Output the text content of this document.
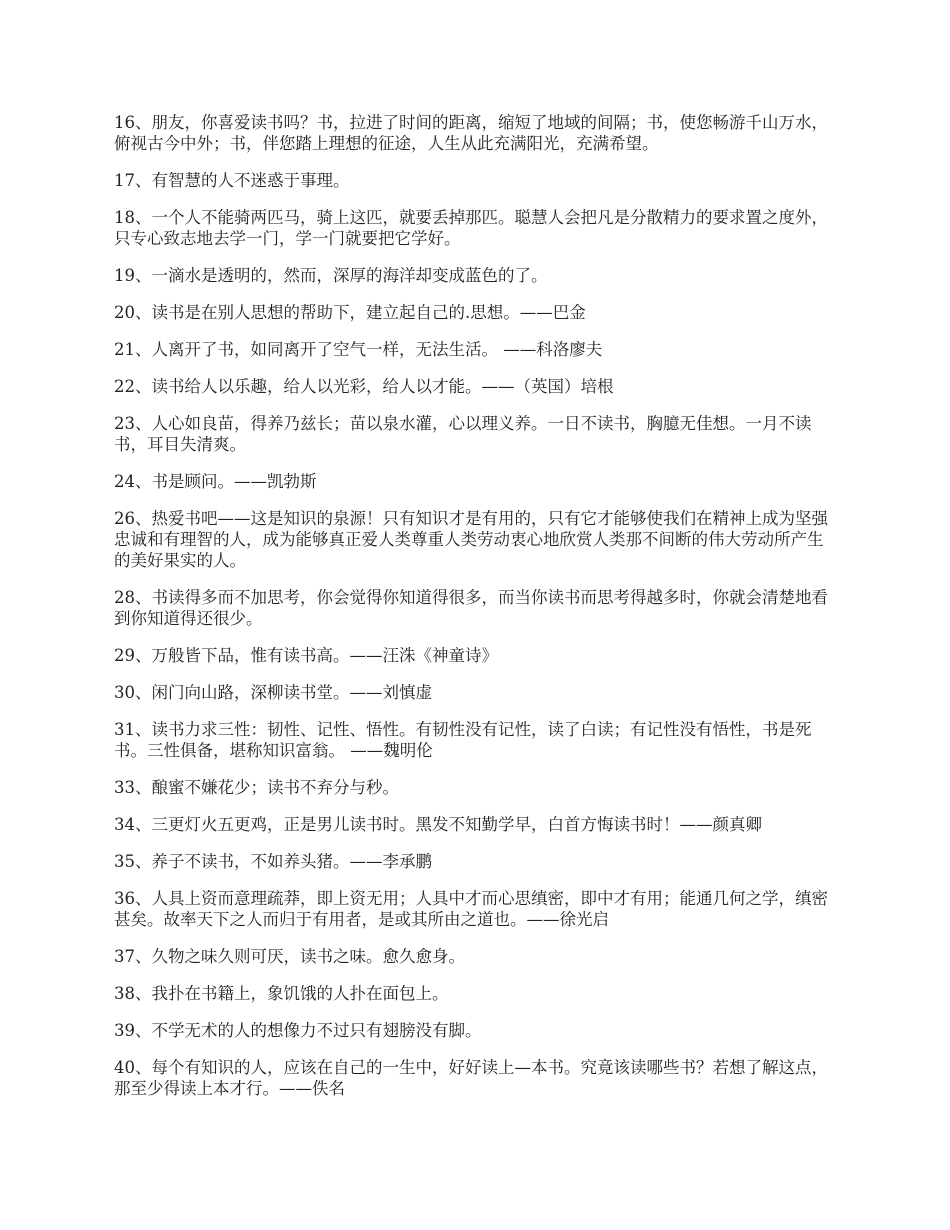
16、朋友，你喜爱读书吗？书，拉进了时间的距离，缩短了地域的间隔；书，使您畅游千山万水，俯视古今中外；书，伴您踏上理想的征途，人生从此充满阳光，充满希望。

17、有智慧的人不迷惑于事理。

18、一个人不能骑两匹马，骑上这匹，就要丢掉那匹。聪慧人会把凡是分散精力的要求置之度外，只专心致志地去学一门，学一门就要把它学好。

19、一滴水是透明的，然而，深厚的海洋却变成蓝色的了。

20、读书是在别人思想的帮助下，建立起自己的.思想。——巴金

21、人离开了书，如同离开了空气一样，无法生活。 ——科洛廖夫

22、读书给人以乐趣，给人以光彩，给人以才能。——（英国）培根

23、人心如良苗，得养乃兹长；苗以泉水灌，心以理义养。一日不读书，胸臆无佳想。一月不读书，耳目失清爽。

24、书是顾问。——凯勃斯

26、热爱书吧——这是知识的泉源！只有知识才是有用的，只有它才能够使我们在精神上成为坚强忠诚和有理智的人，成为能够真正爱人类尊重人类劳动衷心地欣赏人类那不间断的伟大劳动所产生的美好果实的人。

28、书读得多而不加思考，你会觉得你知道得很多，而当你读书而思考得越多时，你就会清楚地看到你知道得还很少。

29、万般皆下品，惟有读书高。——汪洙《神童诗》

30、闲门向山路，深柳读书堂。——刘慎虚

31、读书力求三性：韧性、记性、悟性。有韧性没有记性，读了白读；有记性没有悟性，书是死书。三性俱备，堪称知识富翁。 ——魏明伦

33、酿蜜不嫌花少；读书不弃分与秒。

34、三更灯火五更鸡，正是男儿读书时。黑发不知勤学早，白首方悔读书时！——颜真卿

35、养子不读书，不如养头猪。——李承鹏

36、人具上资而意理疏莽，即上资无用；人具中才而心思缜密，即中才有用；能通几何之学，缜密甚矣。故率天下之人而归于有用者，是或其所由之道也。——徐光启

37、久物之味久则可厌，读书之味。愈久愈身。

38、我扑在书籍上，象饥饿的人扑在面包上。

39、不学无术的人的想像力不过只有翅膀没有脚。

40、每个有知识的人，应该在自己的一生中，好好读上—本书。究竟该读哪些书？若想了解这点，那至少得读上本才行。——佚名
